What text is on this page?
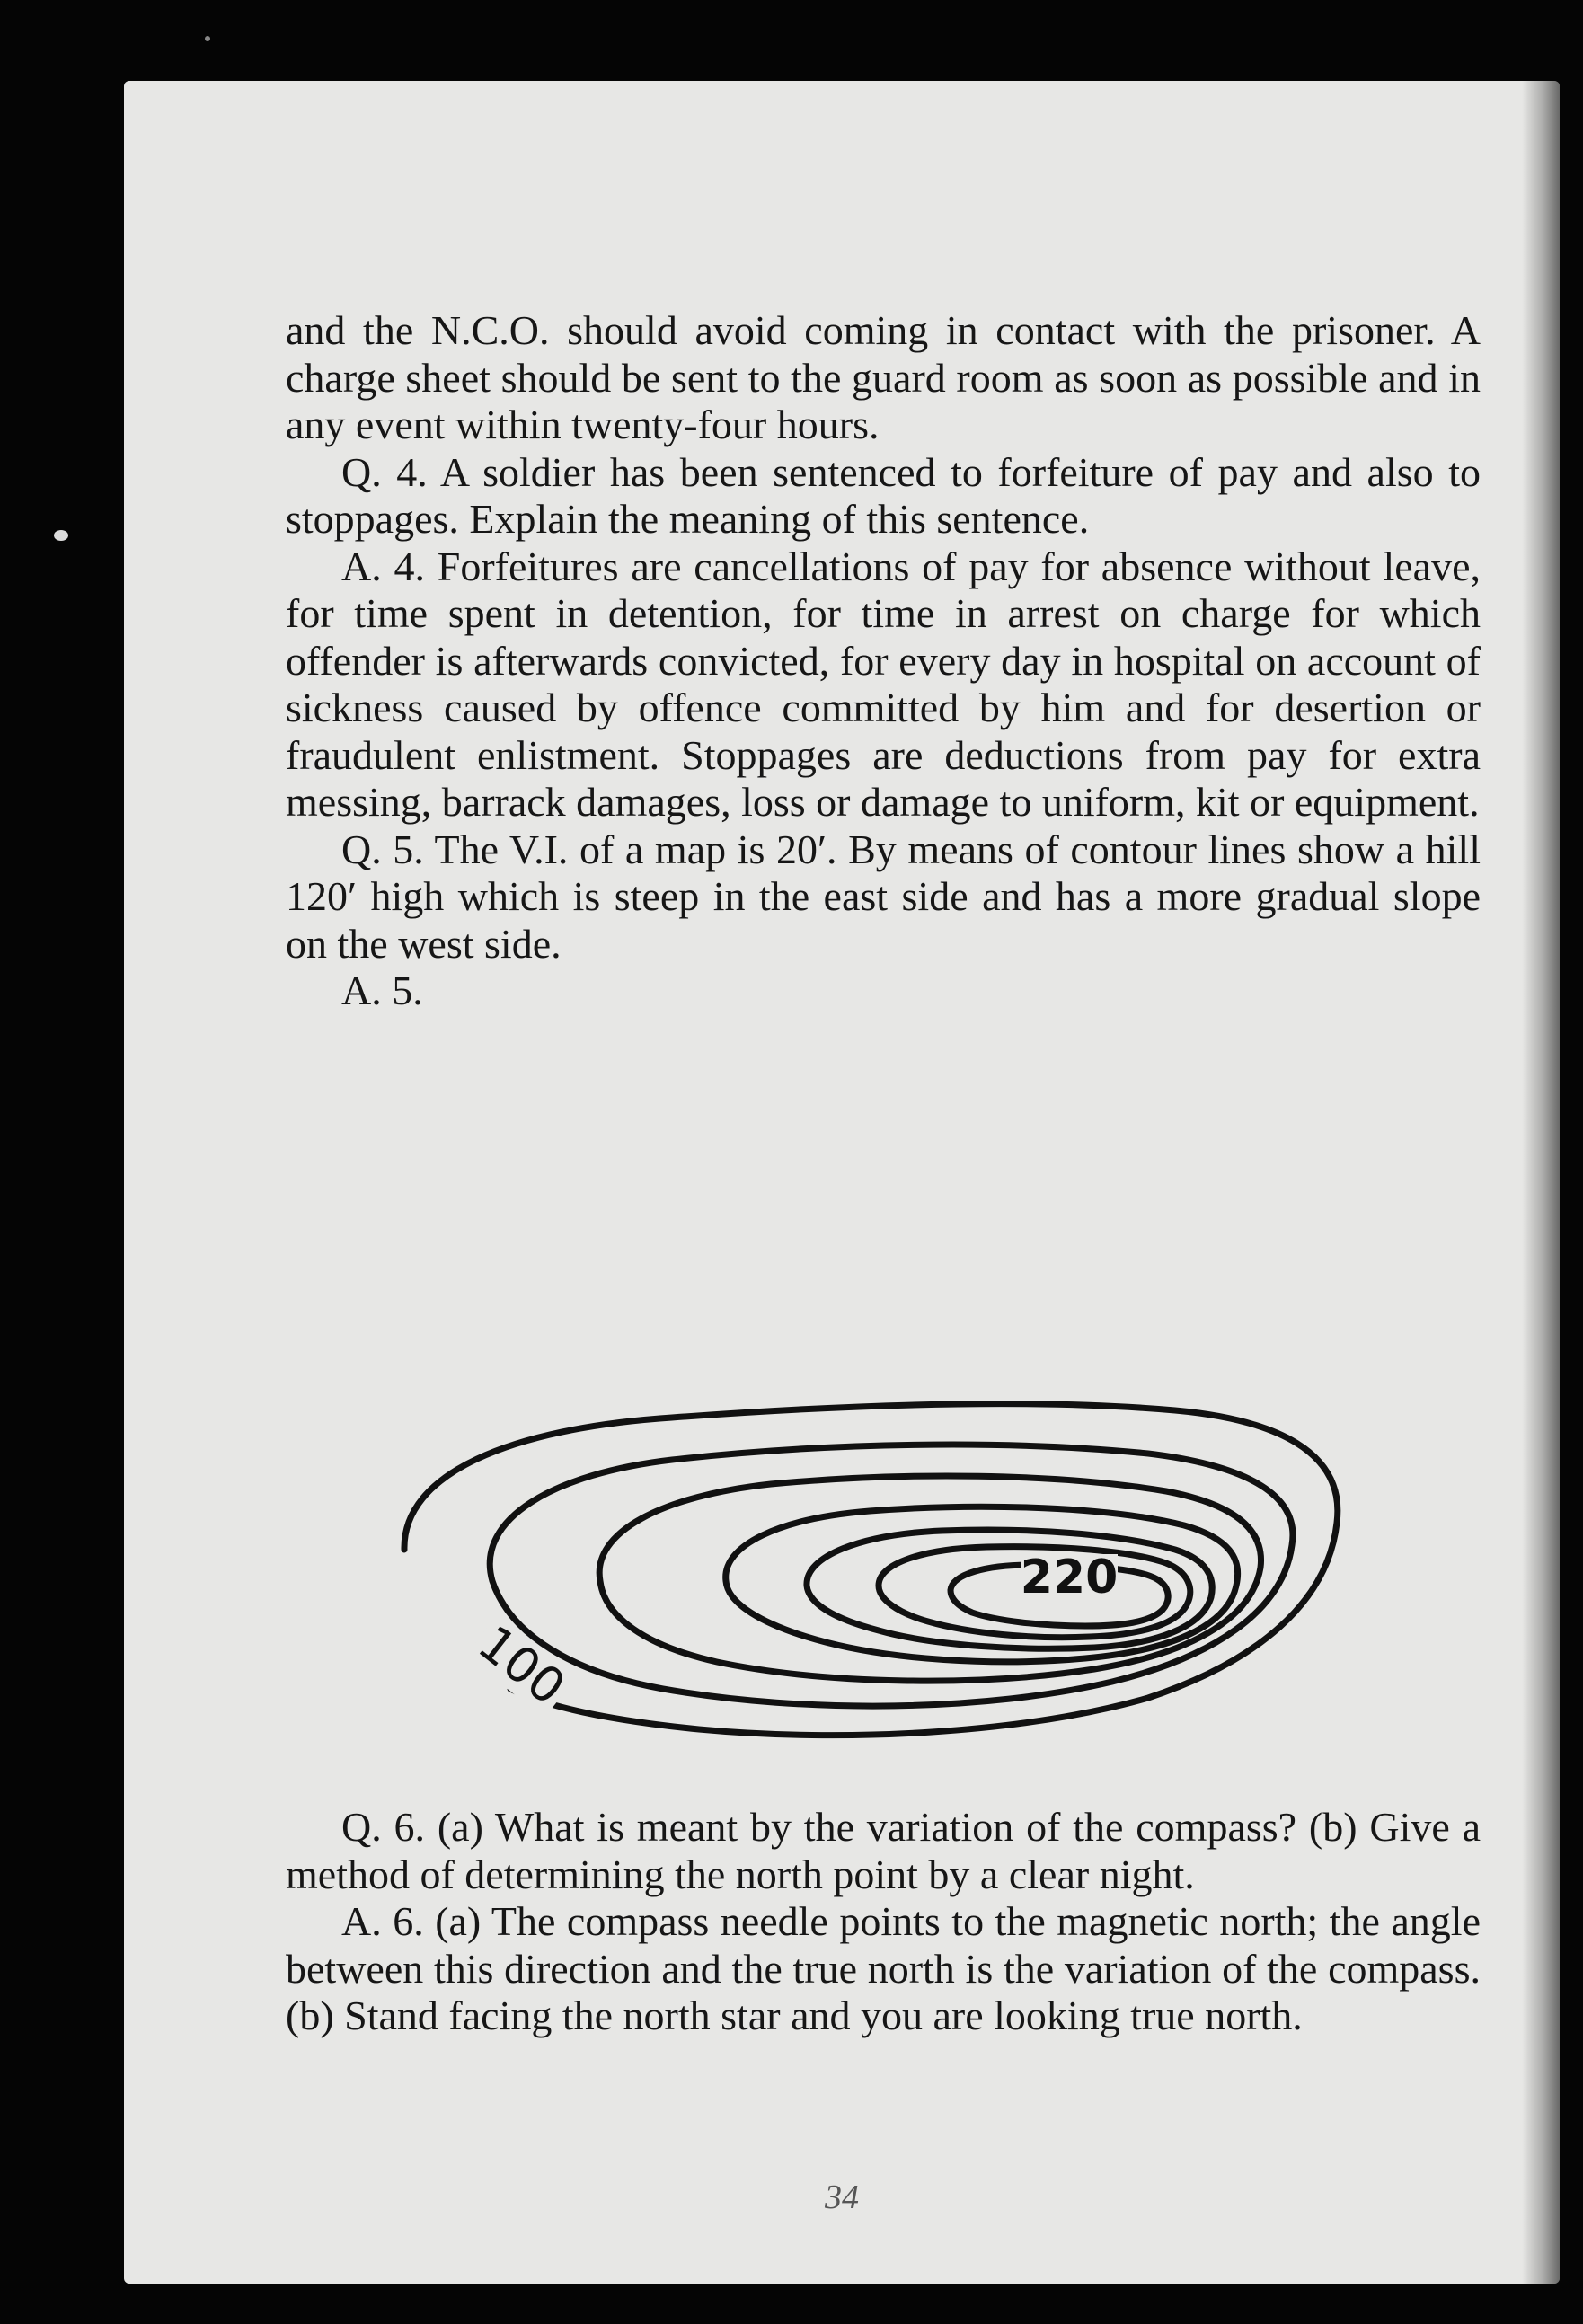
and the N.C.O. should avoid coming in contact with the prisoner. A charge sheet should be sent to the guard room as soon as possible and in any event within twenty-four hours.

Q. 4. A soldier has been sentenced to forfeiture of pay and also to stoppages. Explain the meaning of this sentence.

A. 4. Forfeitures are cancellations of pay for absence without leave, for time spent in detention, for time in arrest on charge for which offender is afterwards convicted, for every day in hospital on account of sickness caused by offence committed by him and for desertion or fraudulent enlistment. Stoppages are deductions from pay for extra messing, barrack damages, loss or damage to uniform, kit or equipment.

Q. 5. The V.I. of a map is 20′. By means of contour lines show a hill 120′ high which is steep in the east side and has a more gradual slope on the west side.

A. 5.

220
100

Q. 6. (a) What is meant by the variation of the compass? (b) Give a method of determining the north point by a clear night.

A. 6. (a) The compass needle points to the magnetic north; the angle between this direction and the true north is the variation of the compass. (b) Stand facing the north star and you are looking true north.

34
